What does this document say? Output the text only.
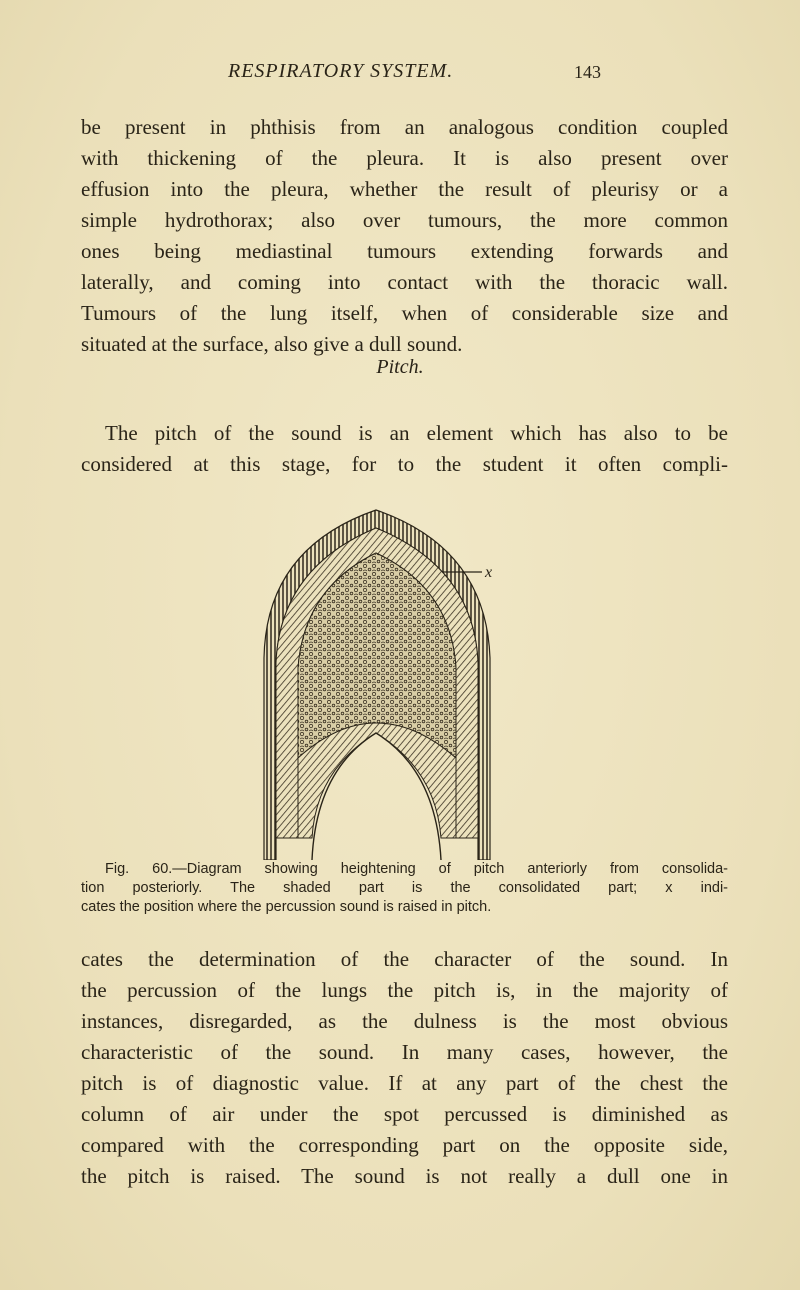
RESPIRATORY SYSTEM.	143
be present in phthisis from an analogous condition coupled
with thickening of the pleura. It is also present over
effusion into the pleura, whether the result of pleurisy or a
simple hydrothorax; also over tumours, the more common
ones being mediastinal tumours extending forwards and
laterally, and coming into contact with the thoracic wall.
Tumours of the lung itself, when of considerable size and
situated at the surface, also give a dull sound.
Pitch.
The pitch of the sound is an element which has also to be
considered at this stage, for to the student it often compli-
x
Fig. 60.—Diagram showing heightening of pitch anteriorly from consolida-
tion posteriorly. The shaded part is the consolidated part; x indi-
cates the position where the percussion sound is raised in pitch.
cates the determination of the character of the sound. In
the percussion of the lungs the pitch is, in the majority of
instances, disregarded, as the dulness is the most obvious
characteristic of the sound. In many cases, however, the
pitch is of diagnostic value. If at any part of the chest the
column of air under the spot percussed is diminished as
compared with the corresponding part on the opposite side,
the pitch is raised. The sound is not really a dull one in
